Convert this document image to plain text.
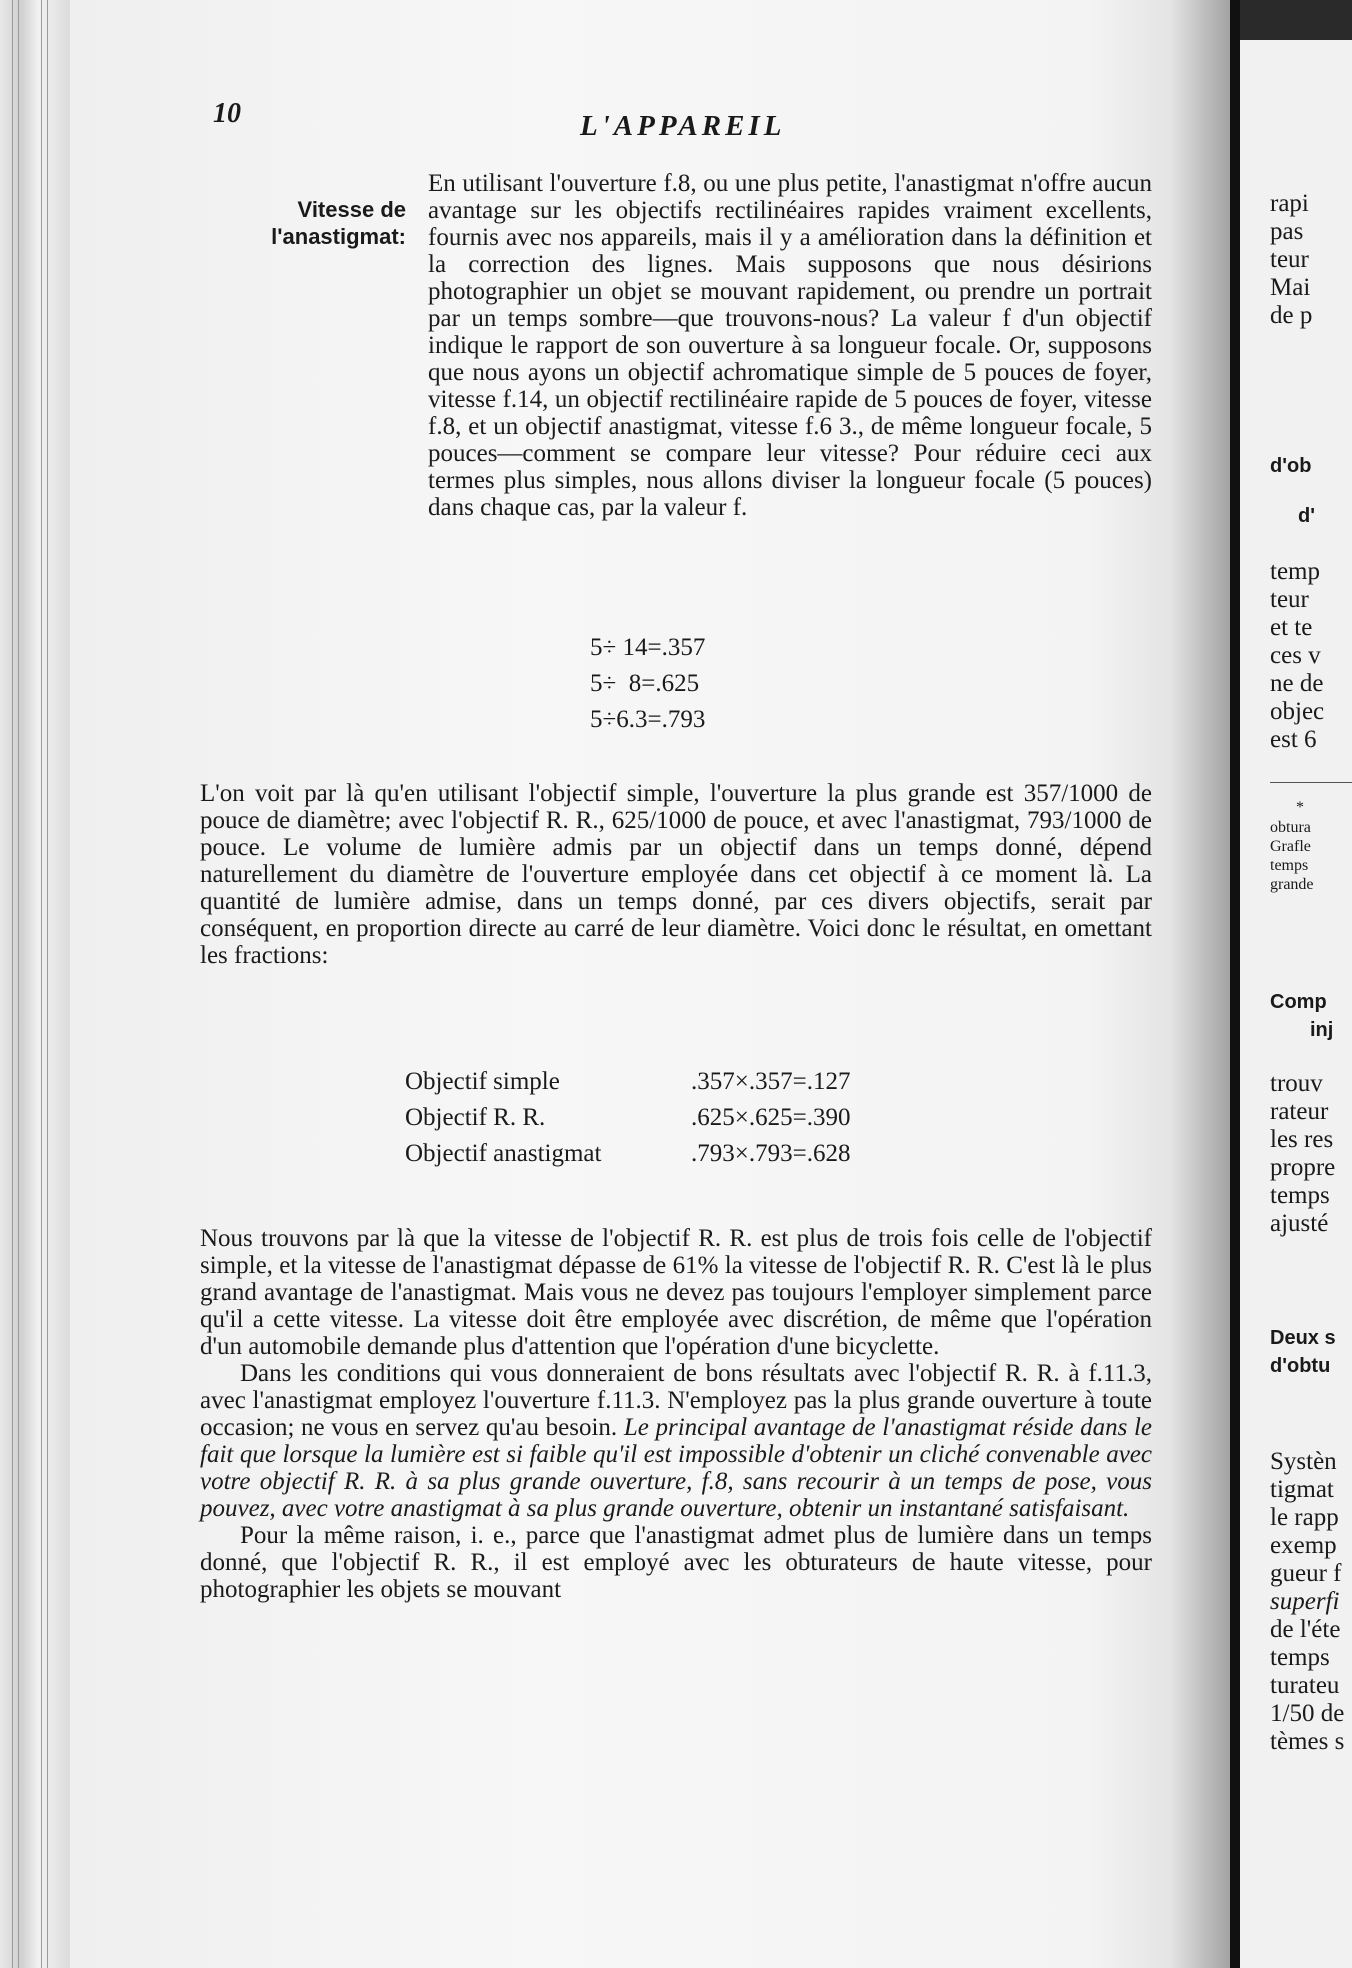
10	L'APPAREIL
Vitesse de
l'anastigmat:

En utilisant l'ouverture f.8, ou une plus petite, l'anastigmat n'offre aucun avantage sur les objectifs rectilinéaires rapides vraiment excellents, fournis avec nos appareils, mais il y a amélioration dans la définition et la correction des lignes. Mais supposons que nous désirions photographier un objet se mouvant rapidement, ou prendre un portrait par un temps sombre—que trouvons-nous? La valeur f d'un objectif indique le rapport de son ouverture à sa longueur focale. Or, supposons que nous ayons un objectif achromatique simple de 5 pouces de foyer, vitesse f.14, un objectif rectilinéaire rapide de 5 pouces de foyer, vitesse f.8, et un objectif anastigmat, vitesse f.6 3., de même longueur focale, 5 pouces—comment se compare leur vitesse? Pour réduire ceci aux termes plus simples, nous allons diviser la longueur focale (5 pouces) dans chaque cas, par la valeur f.

5÷ 14=.357
5÷  8=.625
5÷6.3=.793

L'on voit par là qu'en utilisant l'objectif simple, l'ouverture la plus grande est 357/1000 de pouce de diamètre; avec l'objectif R. R., 625/1000 de pouce, et avec l'anastigmat, 793/1000 de pouce. Le volume de lumière admis par un objectif dans un temps donné, dépend naturellement du diamètre de l'ouverture employée dans cet objectif à ce moment là. La quantité de lumière admise, dans un temps donné, par ces divers objectifs, serait par conséquent, en proportion directe au carré de leur diamètre. Voici donc le résultat, en omettant les fractions:

Objectif simple	.357×.357=.127
Objectif R. R.	.625×.625=.390
Objectif anastigmat	.793×.793=.628

Nous trouvons par là que la vitesse de l'objectif R. R. est plus de trois fois celle de l'objectif simple, et la vitesse de l'anastigmat dépasse de 61% la vitesse de l'objectif R. R. C'est là le plus grand avantage de l'anastigmat. Mais vous ne devez pas toujours l'employer simplement parce qu'il a cette vitesse. La vitesse doit être employée avec discrétion, de même que l'opération d'un automobile demande plus d'attention que l'opération d'une bicyclette.

Dans les conditions qui vous donneraient de bons résultats avec l'objectif R. R. à f.11.3, avec l'anastigmat employez l'ouverture f.11.3. N'employez pas la plus grande ouverture à toute occasion; ne vous en servez qu'au besoin. Le principal avantage de l'anastigmat réside dans le fait que lorsque la lumière est si faible qu'il est impossible d'obtenir un cliché convenable avec votre objectif R. R. à sa plus grande ouverture, f.8, sans recourir à un temps de pose, vous pouvez, avec votre anastigmat à sa plus grande ouverture, obtenir un instantané satisfaisant.

Pour la même raison, i. e., parce que l'anastigmat admet plus de lumière dans un temps donné, que l'objectif R. R., il est employé avec les obturateurs de haute vitesse, pour photographier les objets se mouvant

rapi
pas
teur
Mai
de p
d'ob
d'
temp
teur
et te
ces v
ne de
objec
est 6
*
obtura
Grafle
temps
grande
Comp
inj
trouv
rateur
les res
propre
temps
ajusté
Deux s
d'obtu
Systèn
tigmat
le rapp
exemp
gueur f
superfi
de l'éte
temps
turateu
1/50 de
tèmes s
